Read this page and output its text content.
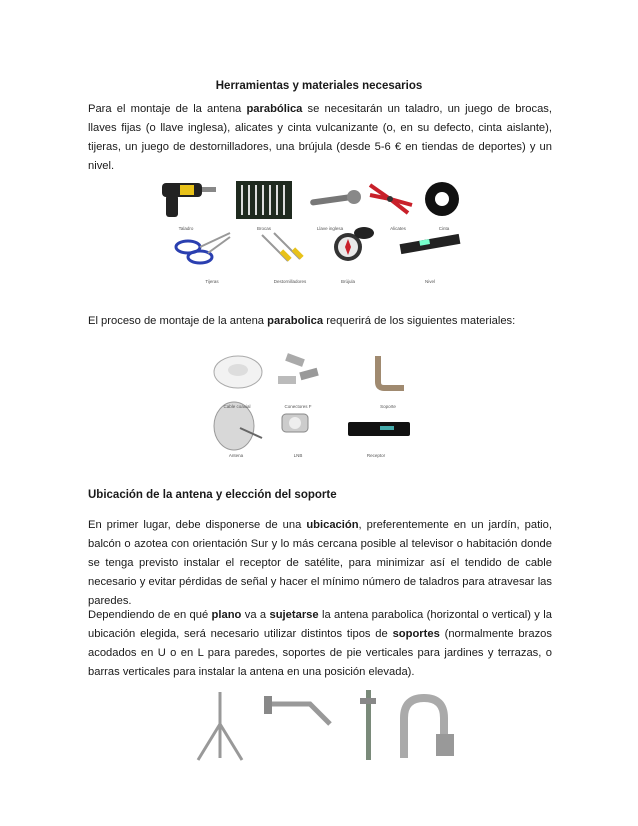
Herramientas y materiales necesarios
Para el montaje de la antena parabólica se necesitarán un taladro, un juego de brocas, llaves fijas (o llave inglesa), alicates y cinta vulcanizante (o, en su defecto, cinta aislante), tijeras, un juego de destornilladores, una brújula (desde 5-6 € en tiendas de deportes) y un nivel.
Taladro	Brocas	Llave inglesa	Alicates	Cinta
Tijeras	Destornilladores	Brújula	Nivel
El proceso de montaje de la antena parabolica requerirá de los siguientes materiales:
Cable coaxial	Conectores F	Soporte
Antena	LNB	Receptor
Ubicación de la antena y elección del soporte
En primer lugar, debe disponerse de una ubicación, preferentemente en un jardín, patio, balcón o azotea con orientación Sur y lo más cercana posible al televisor o habitación donde se tenga previsto instalar el receptor de satélite, para minimizar así el tendido de cable necesario y evitar pérdidas de señal y hacer el mínimo número de taladros para atravesar las paredes.
Dependiendo de en qué plano va a sujetarse la antena parabolica (horizontal o vertical) y la ubicación elegida, será necesario utilizar distintos tipos de soportes (normalmente brazos acodados en U o en L para paredes, soportes de pie verticales para jardines y terrazas, o barras verticales para instalar la antena en una posición elevada).
